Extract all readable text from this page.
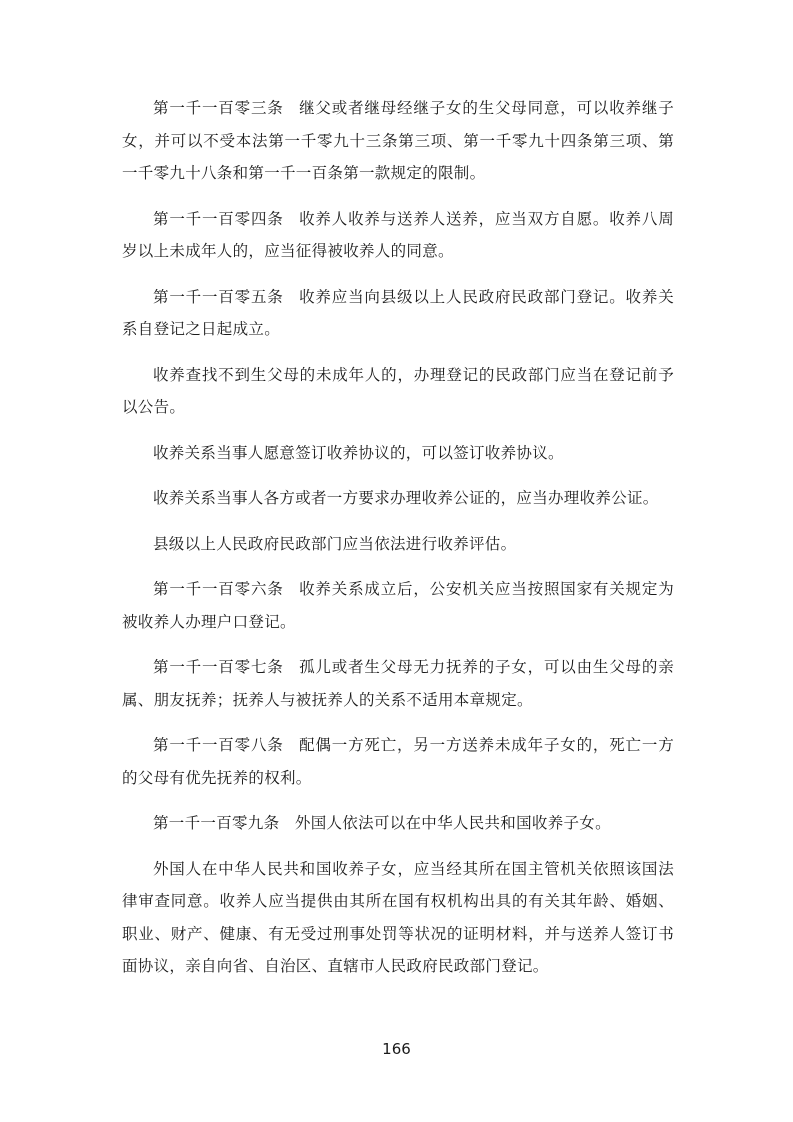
第一千一百零三条 继父或者继母经继子女的生父母同意，可以收养继子女，并可以不受本法第一千零九十三条第三项、第一千零九十四条第三项、第一千零九十八条和第一千一百条第一款规定的限制。

第一千一百零四条 收养人收养与送养人送养，应当双方自愿。收养八周岁以上未成年人的，应当征得被收养人的同意。

第一千一百零五条 收养应当向县级以上人民政府民政部门登记。收养关系自登记之日起成立。

收养查找不到生父母的未成年人的，办理登记的民政部门应当在登记前予以公告。

收养关系当事人愿意签订收养协议的，可以签订收养协议。

收养关系当事人各方或者一方要求办理收养公证的，应当办理收养公证。

县级以上人民政府民政部门应当依法进行收养评估。

第一千一百零六条 收养关系成立后，公安机关应当按照国家有关规定为被收养人办理户口登记。

第一千一百零七条 孤儿或者生父母无力抚养的子女，可以由生父母的亲属、朋友抚养；抚养人与被抚养人的关系不适用本章规定。

第一千一百零八条 配偶一方死亡，另一方送养未成年子女的，死亡一方的父母有优先抚养的权利。

第一千一百零九条 外国人依法可以在中华人民共和国收养子女。

外国人在中华人民共和国收养子女，应当经其所在国主管机关依照该国法律审查同意。收养人应当提供由其所在国有权机构出具的有关其年龄、婚姻、职业、财产、健康、有无受过刑事处罚等状况的证明材料，并与送养人签订书面协议，亲自向省、自治区、直辖市人民政府民政部门登记。

166
